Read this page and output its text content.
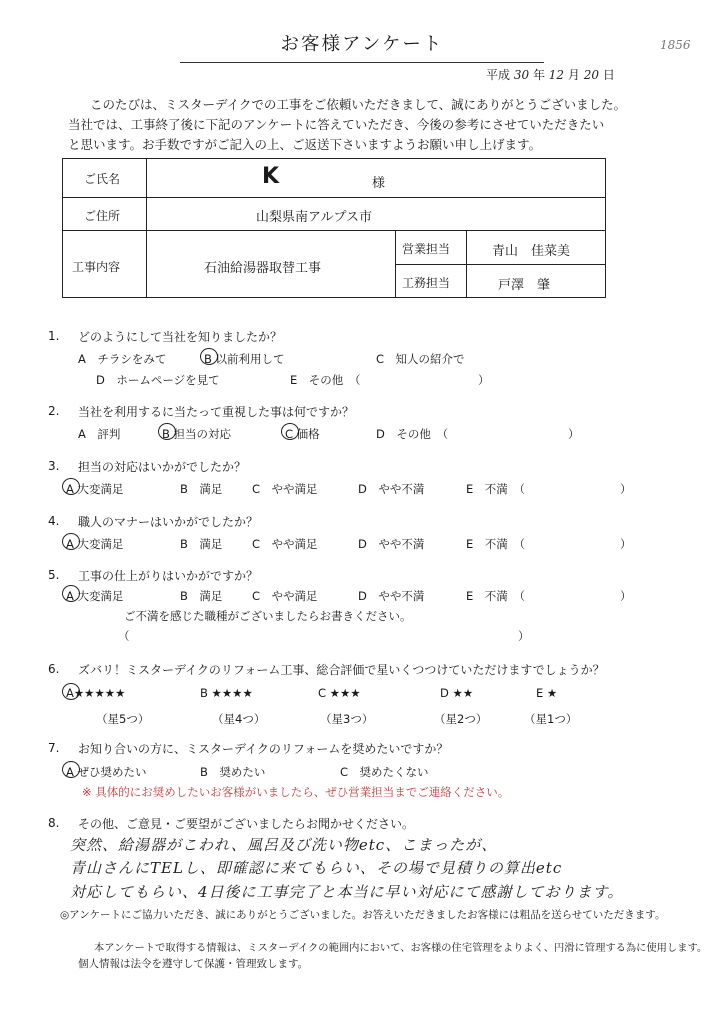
お客様アンケート	1856
平成 30 年 12 月 20 日

このたびは、ミスターデイクでの工事をご依頼いただきまして、誠にありがとうございました。

当社では、工事終了後に下記のアンケートに答えていただき、今後の参考にさせていただきたい

と思います。お手数ですがご記入の上、ご返送下さいますようお願い申し上げます。

ご氏名	K	様
ご住所	山梨県南アルプス市
工事内容	石油給湯器取替工事
営業担当	青山　佳菜美
工務担当	戸澤　肇
1. どのようにして当社を知りましたか？
A　チラシをみて	B 以前利用して	C　知人の紹介で
D　ホームページを見て	E　その他　（	）
2. 当社を利用するに当たって重視した事は何ですか？
A　評判	B 担当の対応	C 価格	D　その他　（	）
3. 担当の対応はいかがでしたか？
A 大変満足	B　満足	C　やや満足	D　やや不満	E　不満　（	）
4. 職人のマナーはいかがでしたか？
A 大変満足	B　満足	C　やや満足	D　やや不満	E　不満　（	）
5. 工事の仕上がりはいかがですか？
A 大変満足	B　満足	C　やや満足	D　やや不満	E　不満　（	）
ご不満を感じた職種がございましたらお書きください。
（	）
6. ズバリ！ミスターデイクのリフォーム工事、総合評価で星いくつつけていただけますでしょうか？
A★★★★★	B ★★★★	C ★★★	D ★★	E ★
（星5つ）	（星4つ）	（星3つ）	（星2つ）	（星1つ）
7. お知り合いの方に、ミスターデイクのリフォームを奨めたいですか？
A ぜひ奨めたい	B　奨めたい	C　奨めたくない
※ 具体的にお奨めしたいお客様がいましたら、ぜひ営業担当までご連絡ください。
8. その他、ご意見・ご要望がございましたらお聞かせください。
突然、給湯器がこわれ、風呂及び洗い物etc、こまったが、
青山さんにTELし、即確認に来てもらい、その場で見積りの算出etc
対応してもらい、4日後に工事完了と本当に早い対応にて感謝しております。
◎アンケートにご協力いただき、誠にありがとうございました。お答えいただきましたお客様には粗品を送らせていただきます。
本アンケートで取得する情報は、ミスターデイクの範囲内において、お客様の住宅管理をよりよく、円滑に管理する為に使用します。
個人情報は法令を遵守して保護・管理致します。
